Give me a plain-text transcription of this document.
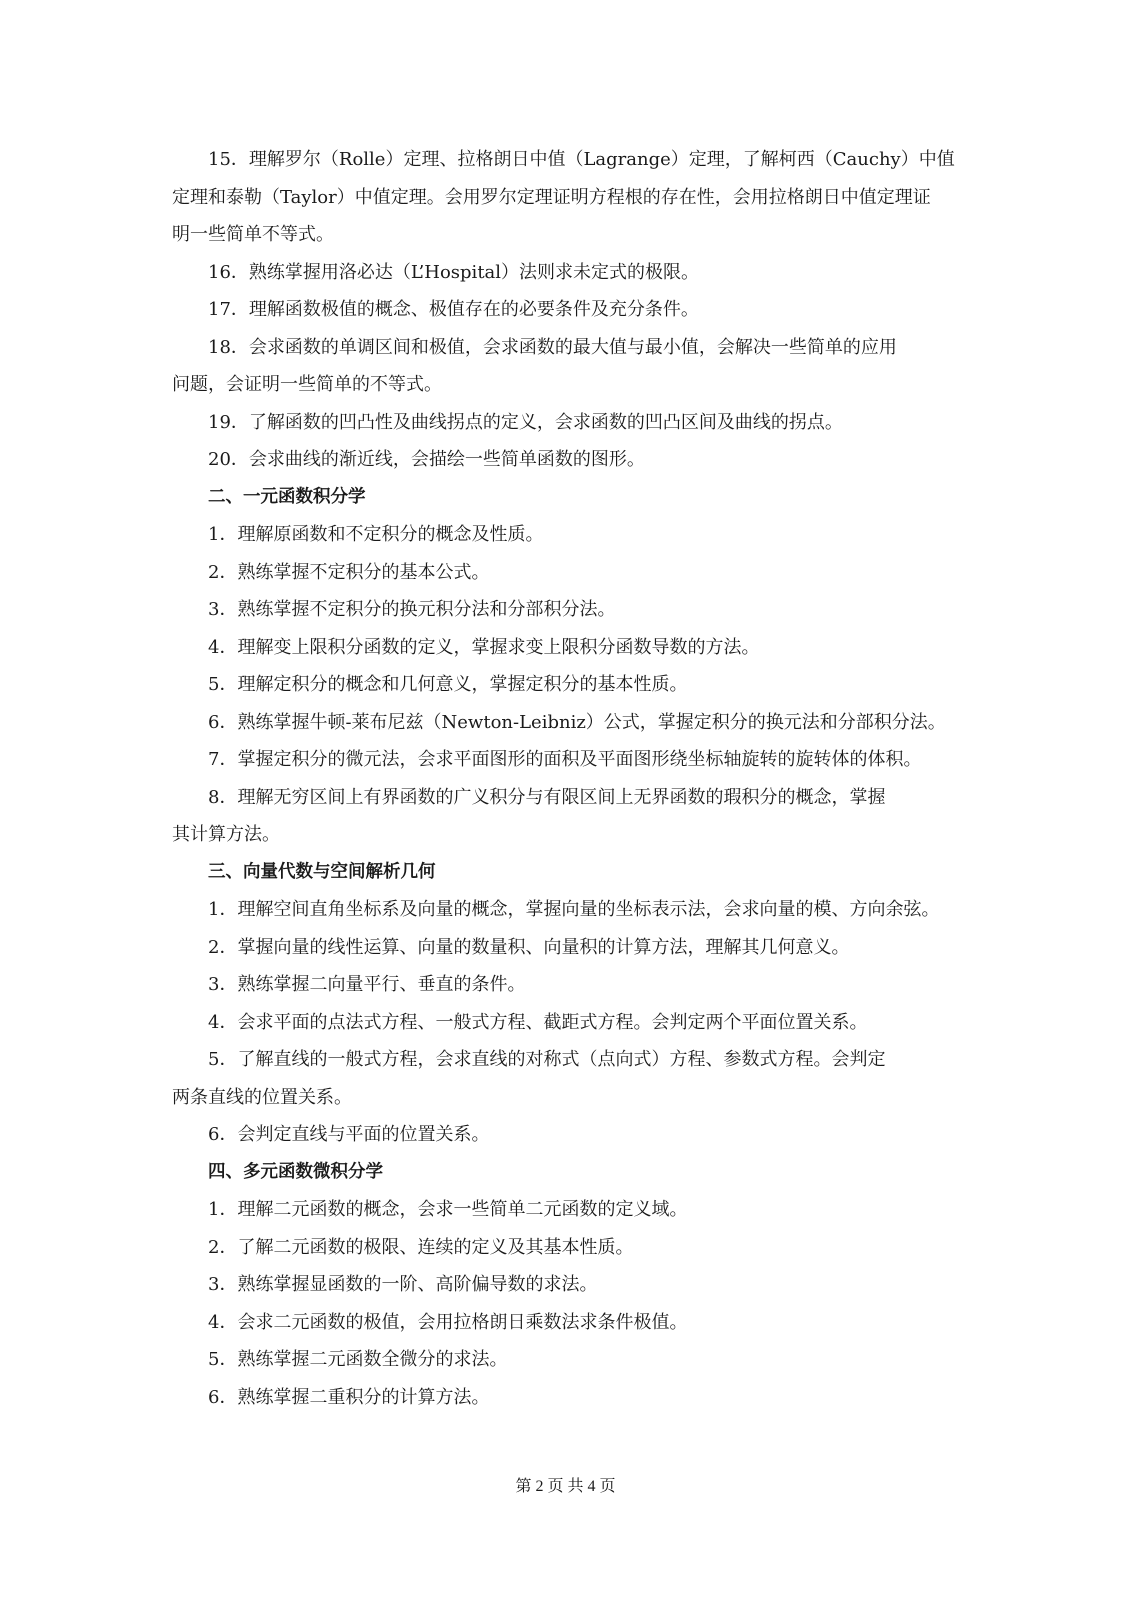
15．理解罗尔（Rolle）定理、拉格朗日中值（Lagrange）定理，了解柯西（Cauchy）中值
定理和泰勒（Taylor）中值定理。会用罗尔定理证明方程根的存在性，会用拉格朗日中值定理证
明一些简单不等式。
16．熟练掌握用洛必达（L’Hospital）法则求未定式的极限。
17．理解函数极值的概念、极值存在的必要条件及充分条件。
18．会求函数的单调区间和极值，会求函数的最大值与最小值，会解决一些简单的应用
问题，会证明一些简单的不等式。
19．了解函数的凹凸性及曲线拐点的定义，会求函数的凹凸区间及曲线的拐点。
20．会求曲线的渐近线，会描绘一些简单函数的图形。
二、一元函数积分学
1．理解原函数和不定积分的概念及性质。
2．熟练掌握不定积分的基本公式。
3．熟练掌握不定积分的换元积分法和分部积分法。
4．理解变上限积分函数的定义，掌握求变上限积分函数导数的方法。
5．理解定积分的概念和几何意义，掌握定积分的基本性质。
6．熟练掌握牛顿-莱布尼兹（Newton-Leibniz）公式，掌握定积分的换元法和分部积分法。
7．掌握定积分的微元法，会求平面图形的面积及平面图形绕坐标轴旋转的旋转体的体积。
8．理解无穷区间上有界函数的广义积分与有限区间上无界函数的瑕积分的概念，掌握
其计算方法。
三、向量代数与空间解析几何
1．理解空间直角坐标系及向量的概念，掌握向量的坐标表示法，会求向量的模、方向余弦。
2．掌握向量的线性运算、向量的数量积、向量积的计算方法，理解其几何意义。
3．熟练掌握二向量平行、垂直的条件。
4．会求平面的点法式方程、一般式方程、截距式方程。会判定两个平面位置关系。
5．了解直线的一般式方程，会求直线的对称式（点向式）方程、参数式方程。会判定
两条直线的位置关系。
6．会判定直线与平面的位置关系。
四、多元函数微积分学
1．理解二元函数的概念，会求一些简单二元函数的定义域。
2．了解二元函数的极限、连续的定义及其基本性质。
3．熟练掌握显函数的一阶、高阶偏导数的求法。
4．会求二元函数的极值，会用拉格朗日乘数法求条件极值。
5．熟练掌握二元函数全微分的求法。
6．熟练掌握二重积分的计算方法。
第 2 页 共 4 页
